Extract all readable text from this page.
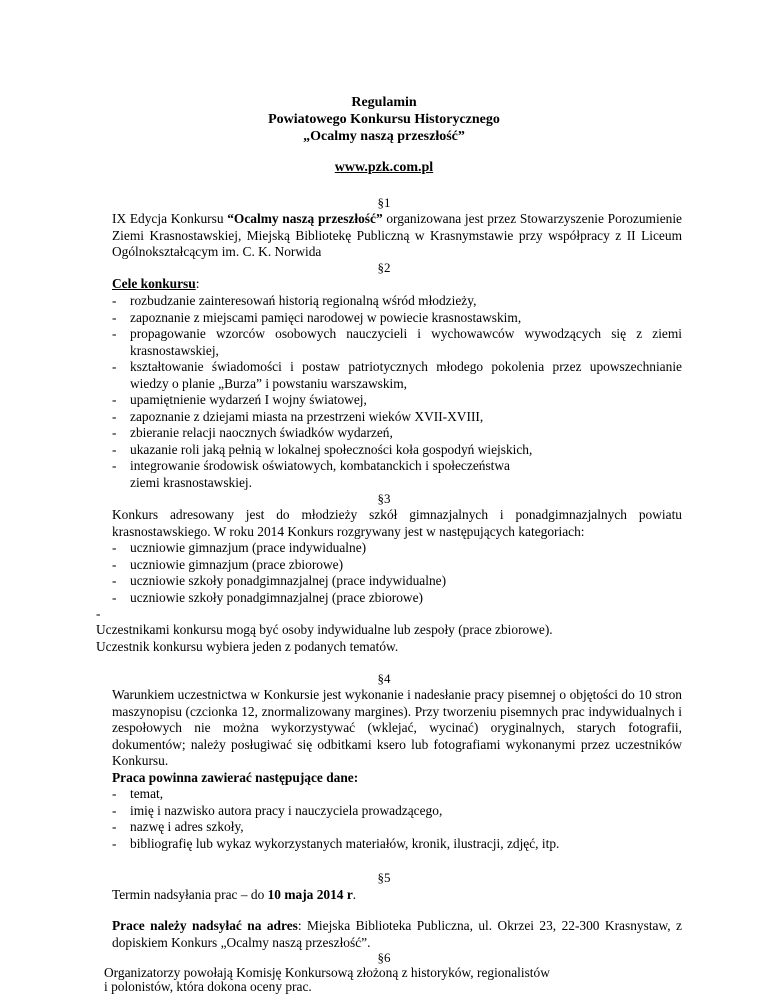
Regulamin
Powiatowego Konkursu Historycznego
„Ocalmy naszą przeszłość”
www.pzk.com.pl
§1
IX Edycja Konkursu “Ocalmy naszą przeszłość” organizowana jest przez Stowarzyszenie Porozumienie Ziemi Krasnostawskiej, Miejską Bibliotekę Publiczną w Krasnymstawie przy współpracy z II Liceum Ogólnokształcącym im. C. K. Norwida
§2
Cele konkursu:
- rozbudzanie zainteresowań historią regionalną wśród młodzieży,
- zapoznanie z miejscami pamięci narodowej w powiecie krasnostawskim,
- propagowanie wzorców osobowych nauczycieli i wychowawców wywodzących się z ziemi krasnostawskiej,
- kształtowanie świadomości i postaw patriotycznych młodego pokolenia przez upowszechnianie wiedzy o planie „Burza” i powstaniu warszawskim,
- upamiętnienie wydarzeń I wojny światowej,
- zapoznanie z dziejami miasta na przestrzeni wieków XVII-XVIII,
- zbieranie relacji naocznych świadków wydarzeń,
- ukazanie roli jaką pełnią w lokalnej społeczności koła gospodyń wiejskich,
- integrowanie środowisk oświatowych, kombatanckich i społeczeństwa ziemi krasnostawskiej.
§3
Konkurs adresowany jest do młodzieży szkół gimnazjalnych i ponadgimnazjalnych powiatu krasnostawskiego. W roku 2014 Konkurs rozgrywany jest w następujących kategoriach:
- uczniowie gimnazjum (prace indywidualne)
- uczniowie gimnazjum (prace zbiorowe)
- uczniowie szkoły ponadgimnazjalnej (prace indywidualne)
- uczniowie szkoły ponadgimnazjalnej (prace zbiorowe)
-
Uczestnikami konkursu mogą być osoby indywidualne lub zespoły (prace zbiorowe).
Uczestnik konkursu wybiera jeden z podanych tematów.
§4
Warunkiem uczestnictwa w Konkursie jest wykonanie i nadesłanie pracy pisemnej o objętości do 10 stron maszynopisu (czcionka 12, znormalizowany margines). Przy tworzeniu pisemnych prac indywidualnych i zespołowych nie można wykorzystywać (wklejać, wycinać) oryginalnych, starych fotografii, dokumentów; należy posługiwać się odbitkami ksero lub fotografiami wykonanymi przez uczestników Konkursu.
Praca powinna zawierać następujące dane:
- temat,
- imię i nazwisko autora pracy i nauczyciela prowadzącego,
- nazwę i adres szkoły,
- bibliografię lub wykaz wykorzystanych materiałów, kronik, ilustracji, zdjęć, itp.
§5
Termin nadsyłania prac – do 10 maja 2014 r.
Prace należy nadsyłać na adres: Miejska Biblioteka Publiczna, ul. Okrzei 23, 22-300 Krasnystaw, z dopiskiem Konkurs „Ocalmy naszą przeszłość”.
§6
Organizatorzy powołają Komisję Konkursową złożoną z historyków, regionalistów
i polonistów, która dokona oceny prac.
